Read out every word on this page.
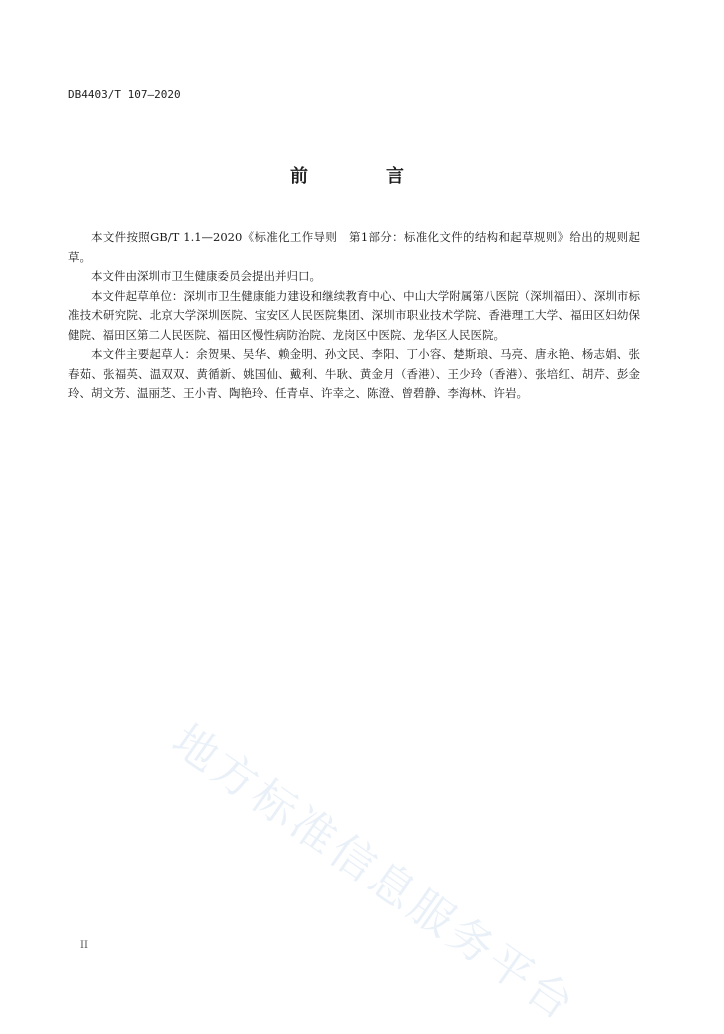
DB4403/T 107—2020
前　言

本文件按照GB/T 1.1—2020《标准化工作导则　第1部分：标准化文件的结构和起草规则》给出的规则起草。

本文件由深圳市卫生健康委员会提出并归口。

本文件起草单位：深圳市卫生健康能力建设和继续教育中心、中山大学附属第八医院（深圳福田）、深圳市标准技术研究院、北京大学深圳医院、宝安区人民医院集团、深圳市职业技术学院、香港理工大学、福田区妇幼保健院、福田区第二人民医院、福田区慢性病防治院、龙岗区中医院、龙华区人民医院。

本文件主要起草人：余贺果、吴华、赖金明、孙文民、李阳、丁小容、楚斯琅、马亮、唐永艳、杨志娟、张春茹、张福英、温双双、黄循新、姚国仙、戴利、牛耿、黄金月（香港）、王少玲（香港）、张培红、胡芹、彭金玲、胡文芳、温丽芝、王小青、陶艳玲、任青卓、许幸之、陈澄、曾碧静、李海林、许岩。

地方标准信息服务平台
II
